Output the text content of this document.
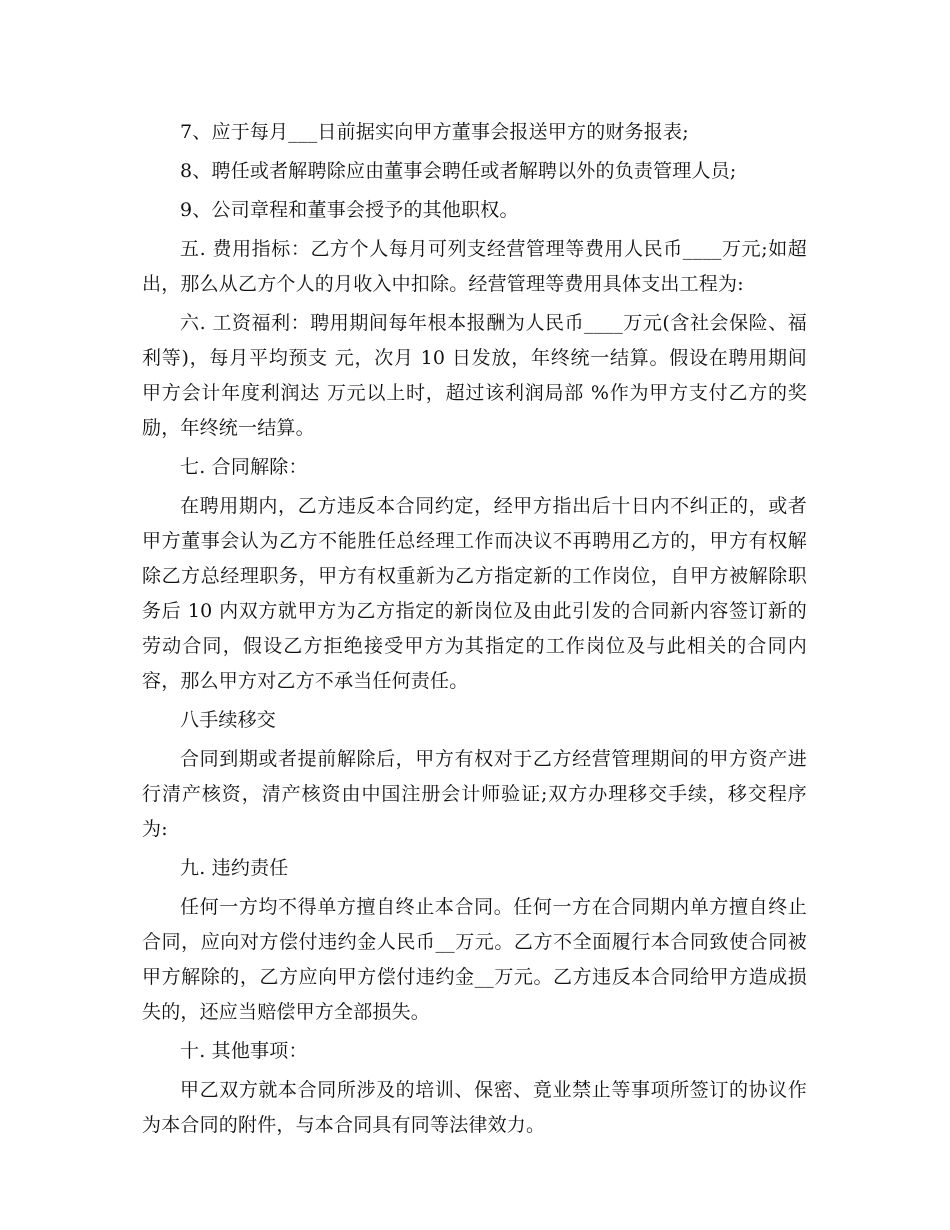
7、应于每月___日前据实向甲方董事会报送甲方的财务报表;

8、聘任或者解聘除应由董事会聘任或者解聘以外的负责管理人员;

9、公司章程和董事会授予的其他职权。

五. 费用指标：乙方个人每月可列支经营管理等费用人民币____万元;如超出，那么从乙方个人的月收入中扣除。经营管理等费用具体支出工程为:

六. 工资福利：聘用期间每年根本报酬为人民币____万元(含社会保险、福利等)，每月平均预支 元，次月 10 日发放，年终统一结算。假设在聘用期间甲方会计年度利润达 万元以上时，超过该利润局部 %作为甲方支付乙方的奖励，年终统一结算。

七. 合同解除：

在聘用期内，乙方违反本合同约定，经甲方指出后十日内不纠正的，或者甲方董事会认为乙方不能胜任总经理工作而决议不再聘用乙方的，甲方有权解除乙方总经理职务，甲方有权重新为乙方指定新的工作岗位，自甲方被解除职务后 10 内双方就甲方为乙方指定的新岗位及由此引发的合同新内容签订新的劳动合同，假设乙方拒绝接受甲方为其指定的工作岗位及与此相关的合同内容，那么甲方对乙方不承当任何责任。

八手续移交

合同到期或者提前解除后，甲方有权对于乙方经营管理期间的甲方资产进行清产核资，清产核资由中国注册会计师验证;双方办理移交手续，移交程序为:

九. 违约责任

任何一方均不得单方擅自终止本合同。任何一方在合同期内单方擅自终止合同，应向对方偿付违约金人民币__万元。乙方不全面履行本合同致使合同被甲方解除的，乙方应向甲方偿付违约金__万元。乙方违反本合同给甲方造成损失的，还应当赔偿甲方全部损失。

十. 其他事项：

甲乙双方就本合同所涉及的培训、保密、竟业禁止等事项所签订的协议作为本合同的附件，与本合同具有同等法律效力。
